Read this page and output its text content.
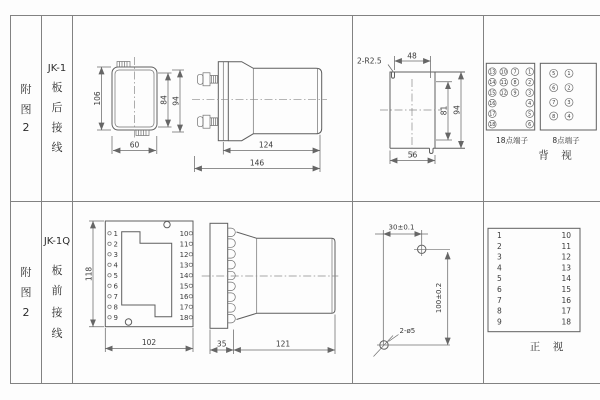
附
图
2
JK-1
板
后
接
线
附
图
2
JK-1Q
板
前
接
线
106	84 94
60	124
146
48
2-R2.5
81 94
56
13 10 7 1
14 11 8 2
15 12 9 3
16	4
17	5
18	6
18点端子
5 1
6 2
7 3
8 4
8点端子
背　视
1
2
3
4
5
6
7
8
9
10
11
12
13
14
15
16
17
18
118
102	35	121
30±0.1
100±0.2
2-ø5
1	10
2	11
3	12
4	13
5	14
6	15
7	16
8	17
9	18
正　视
